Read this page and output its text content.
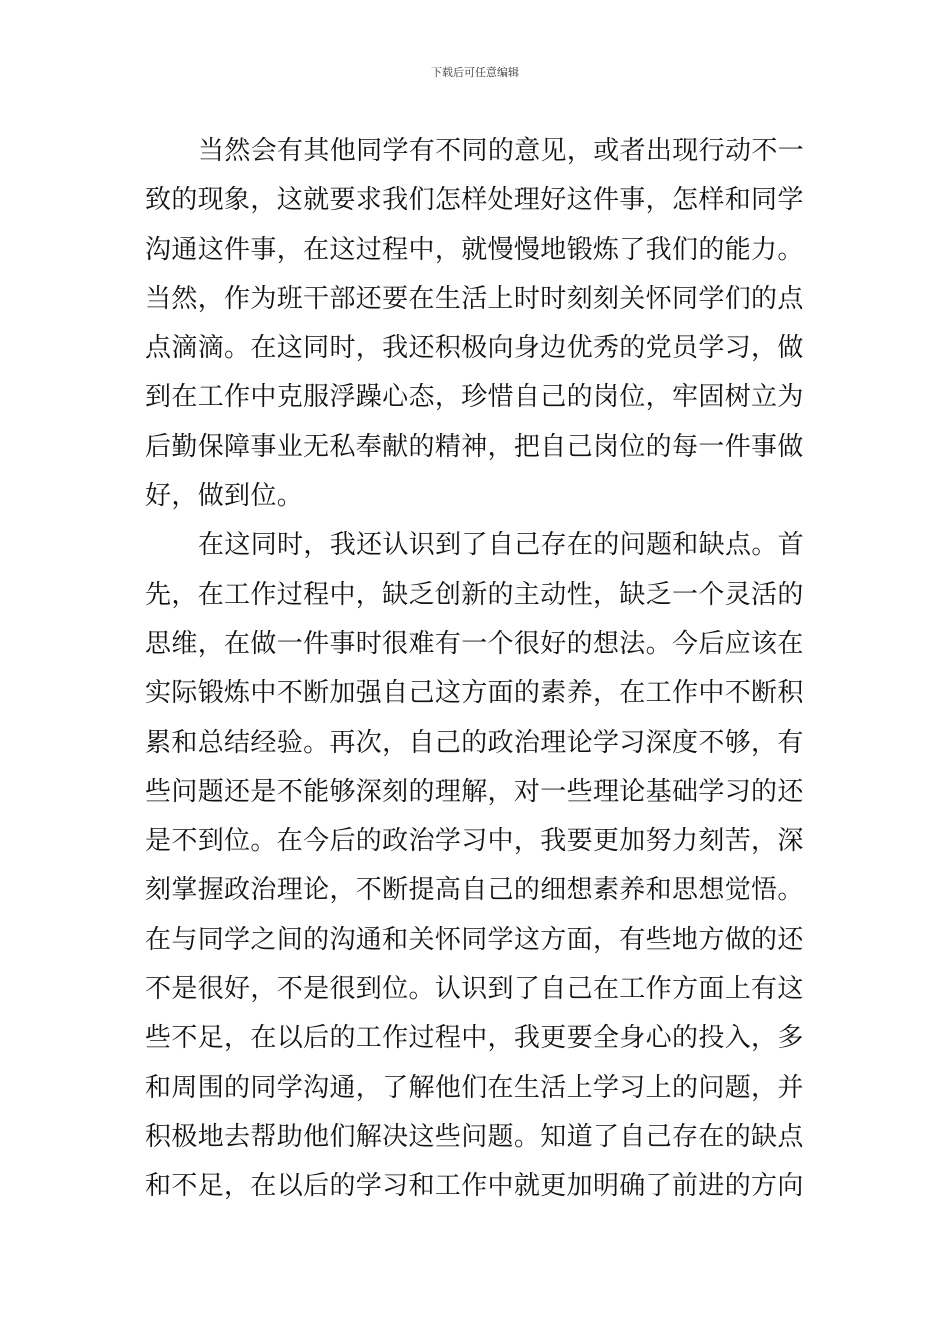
下载后可任意编辑
当然会有其他同学有不同的意见，或者出现行动不一
致的现象，这就要求我们怎样处理好这件事，怎样和同学
沟通这件事，在这过程中，就慢慢地锻炼了我们的能力。
当然，作为班干部还要在生活上时时刻刻关怀同学们的点
点滴滴。在这同时，我还积极向身边优秀的党员学习，做
到在工作中克服浮躁心态，珍惜自己的岗位，牢固树立为
后勤保障事业无私奉献的精神，把自己岗位的每一件事做
好，做到位。
在这同时，我还认识到了自己存在的问题和缺点。首
先，在工作过程中，缺乏创新的主动性，缺乏一个灵活的
思维，在做一件事时很难有一个很好的想法。今后应该在
实际锻炼中不断加强自己这方面的素养，在工作中不断积
累和总结经验。再次，自己的政治理论学习深度不够，有
些问题还是不能够深刻的理解，对一些理论基础学习的还
是不到位。在今后的政治学习中，我要更加努力刻苦，深
刻掌握政治理论，不断提高自己的细想素养和思想觉悟。
在与同学之间的沟通和关怀同学这方面，有些地方做的还
不是很好，不是很到位。认识到了自己在工作方面上有这
些不足，在以后的工作过程中，我更要全身心的投入，多
和周围的同学沟通，了解他们在生活上学习上的问题，并
积极地去帮助他们解决这些问题。知道了自己存在的缺点
和不足，在以后的学习和工作中就更加明确了前进的方向
